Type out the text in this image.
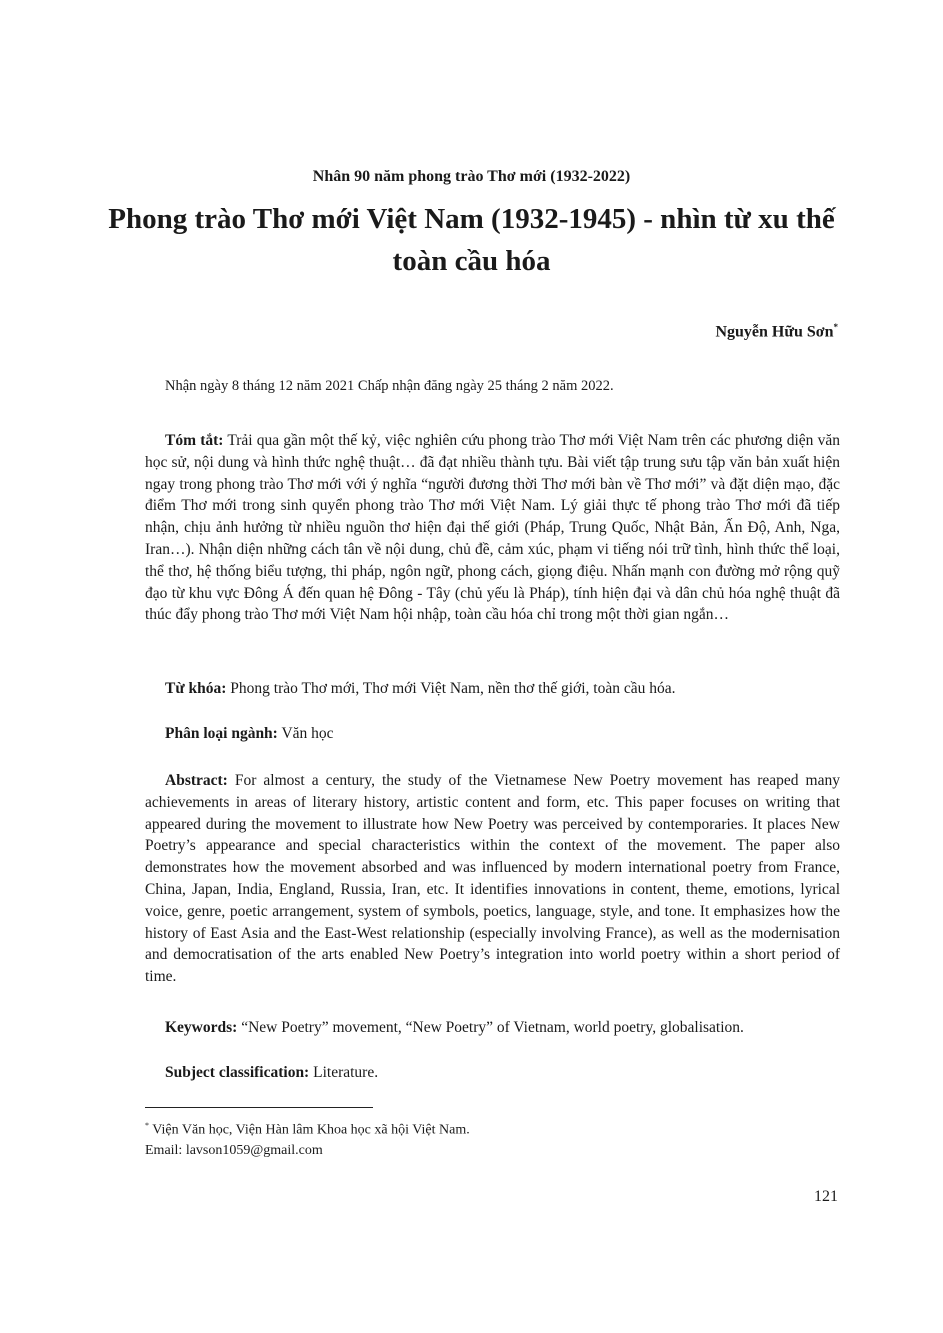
Nhân 90 năm phong trào Thơ mới (1932-2022)
Phong trào Thơ mới Việt Nam (1932-1945) - nhìn từ xu thế toàn cầu hóa
Nguyễn Hữu Sơn*
Nhận ngày 8 tháng 12 năm 2021 Chấp nhận đăng ngày 25 tháng 2 năm 2022.

Tóm tắt: Trải qua gần một thế kỷ, việc nghiên cứu phong trào Thơ mới Việt Nam trên các phương diện văn học sử, nội dung và hình thức nghệ thuật… đã đạt nhiều thành tựu. Bài viết tập trung sưu tập văn bản xuất hiện ngay trong phong trào Thơ mới với ý nghĩa “người đương thời Thơ mới bàn về Thơ mới” và đặt diện mạo, đặc điểm Thơ mới trong sinh quyển phong trào Thơ mới Việt Nam. Lý giải thực tế phong trào Thơ mới đã tiếp nhận, chịu ảnh hưởng từ nhiều nguồn thơ hiện đại thế giới (Pháp, Trung Quốc, Nhật Bản, Ấn Độ, Anh, Nga, Iran…). Nhận diện những cách tân về nội dung, chủ đề, cảm xúc, phạm vi tiếng nói trữ tình, hình thức thể loại, thể thơ, hệ thống biểu tượng, thi pháp, ngôn ngữ, phong cách, giọng điệu. Nhấn mạnh con đường mở rộng quỹ đạo từ khu vực Đông Á đến quan hệ Đông - Tây (chủ yếu là Pháp), tính hiện đại và dân chủ hóa nghệ thuật đã thúc đẩy phong trào Thơ mới Việt Nam hội nhập, toàn cầu hóa chỉ trong một thời gian ngắn…

Từ khóa: Phong trào Thơ mới, Thơ mới Việt Nam, nền thơ thế giới, toàn cầu hóa.

Phân loại ngành: Văn học

Abstract: For almost a century, the study of the Vietnamese New Poetry movement has reaped many achievements in areas of literary history, artistic content and form, etc. This paper focuses on writing that appeared during the movement to illustrate how New Poetry was perceived by contemporaries. It places New Poetry’s appearance and special characteristics within the context of the movement. The paper also demonstrates how the movement absorbed and was influenced by modern international poetry from France, China, Japan, India, England, Russia, Iran, etc. It identifies innovations in content, theme, emotions, lyrical voice, genre, poetic arrangement, system of symbols, poetics, language, style, and tone. It emphasizes how the history of East Asia and the East-West relationship (especially involving France), as well as the modernisation and democratisation of the arts enabled New Poetry’s integration into world poetry within a short period of time.

Keywords: “New Poetry” movement, “New Poetry” of Vietnam, world poetry, globalisation.

Subject classification: Literature.

* Viện Văn học, Viện Hàn lâm Khoa học xã hội Việt Nam.
Email: lavson1059@gmail.com
121
